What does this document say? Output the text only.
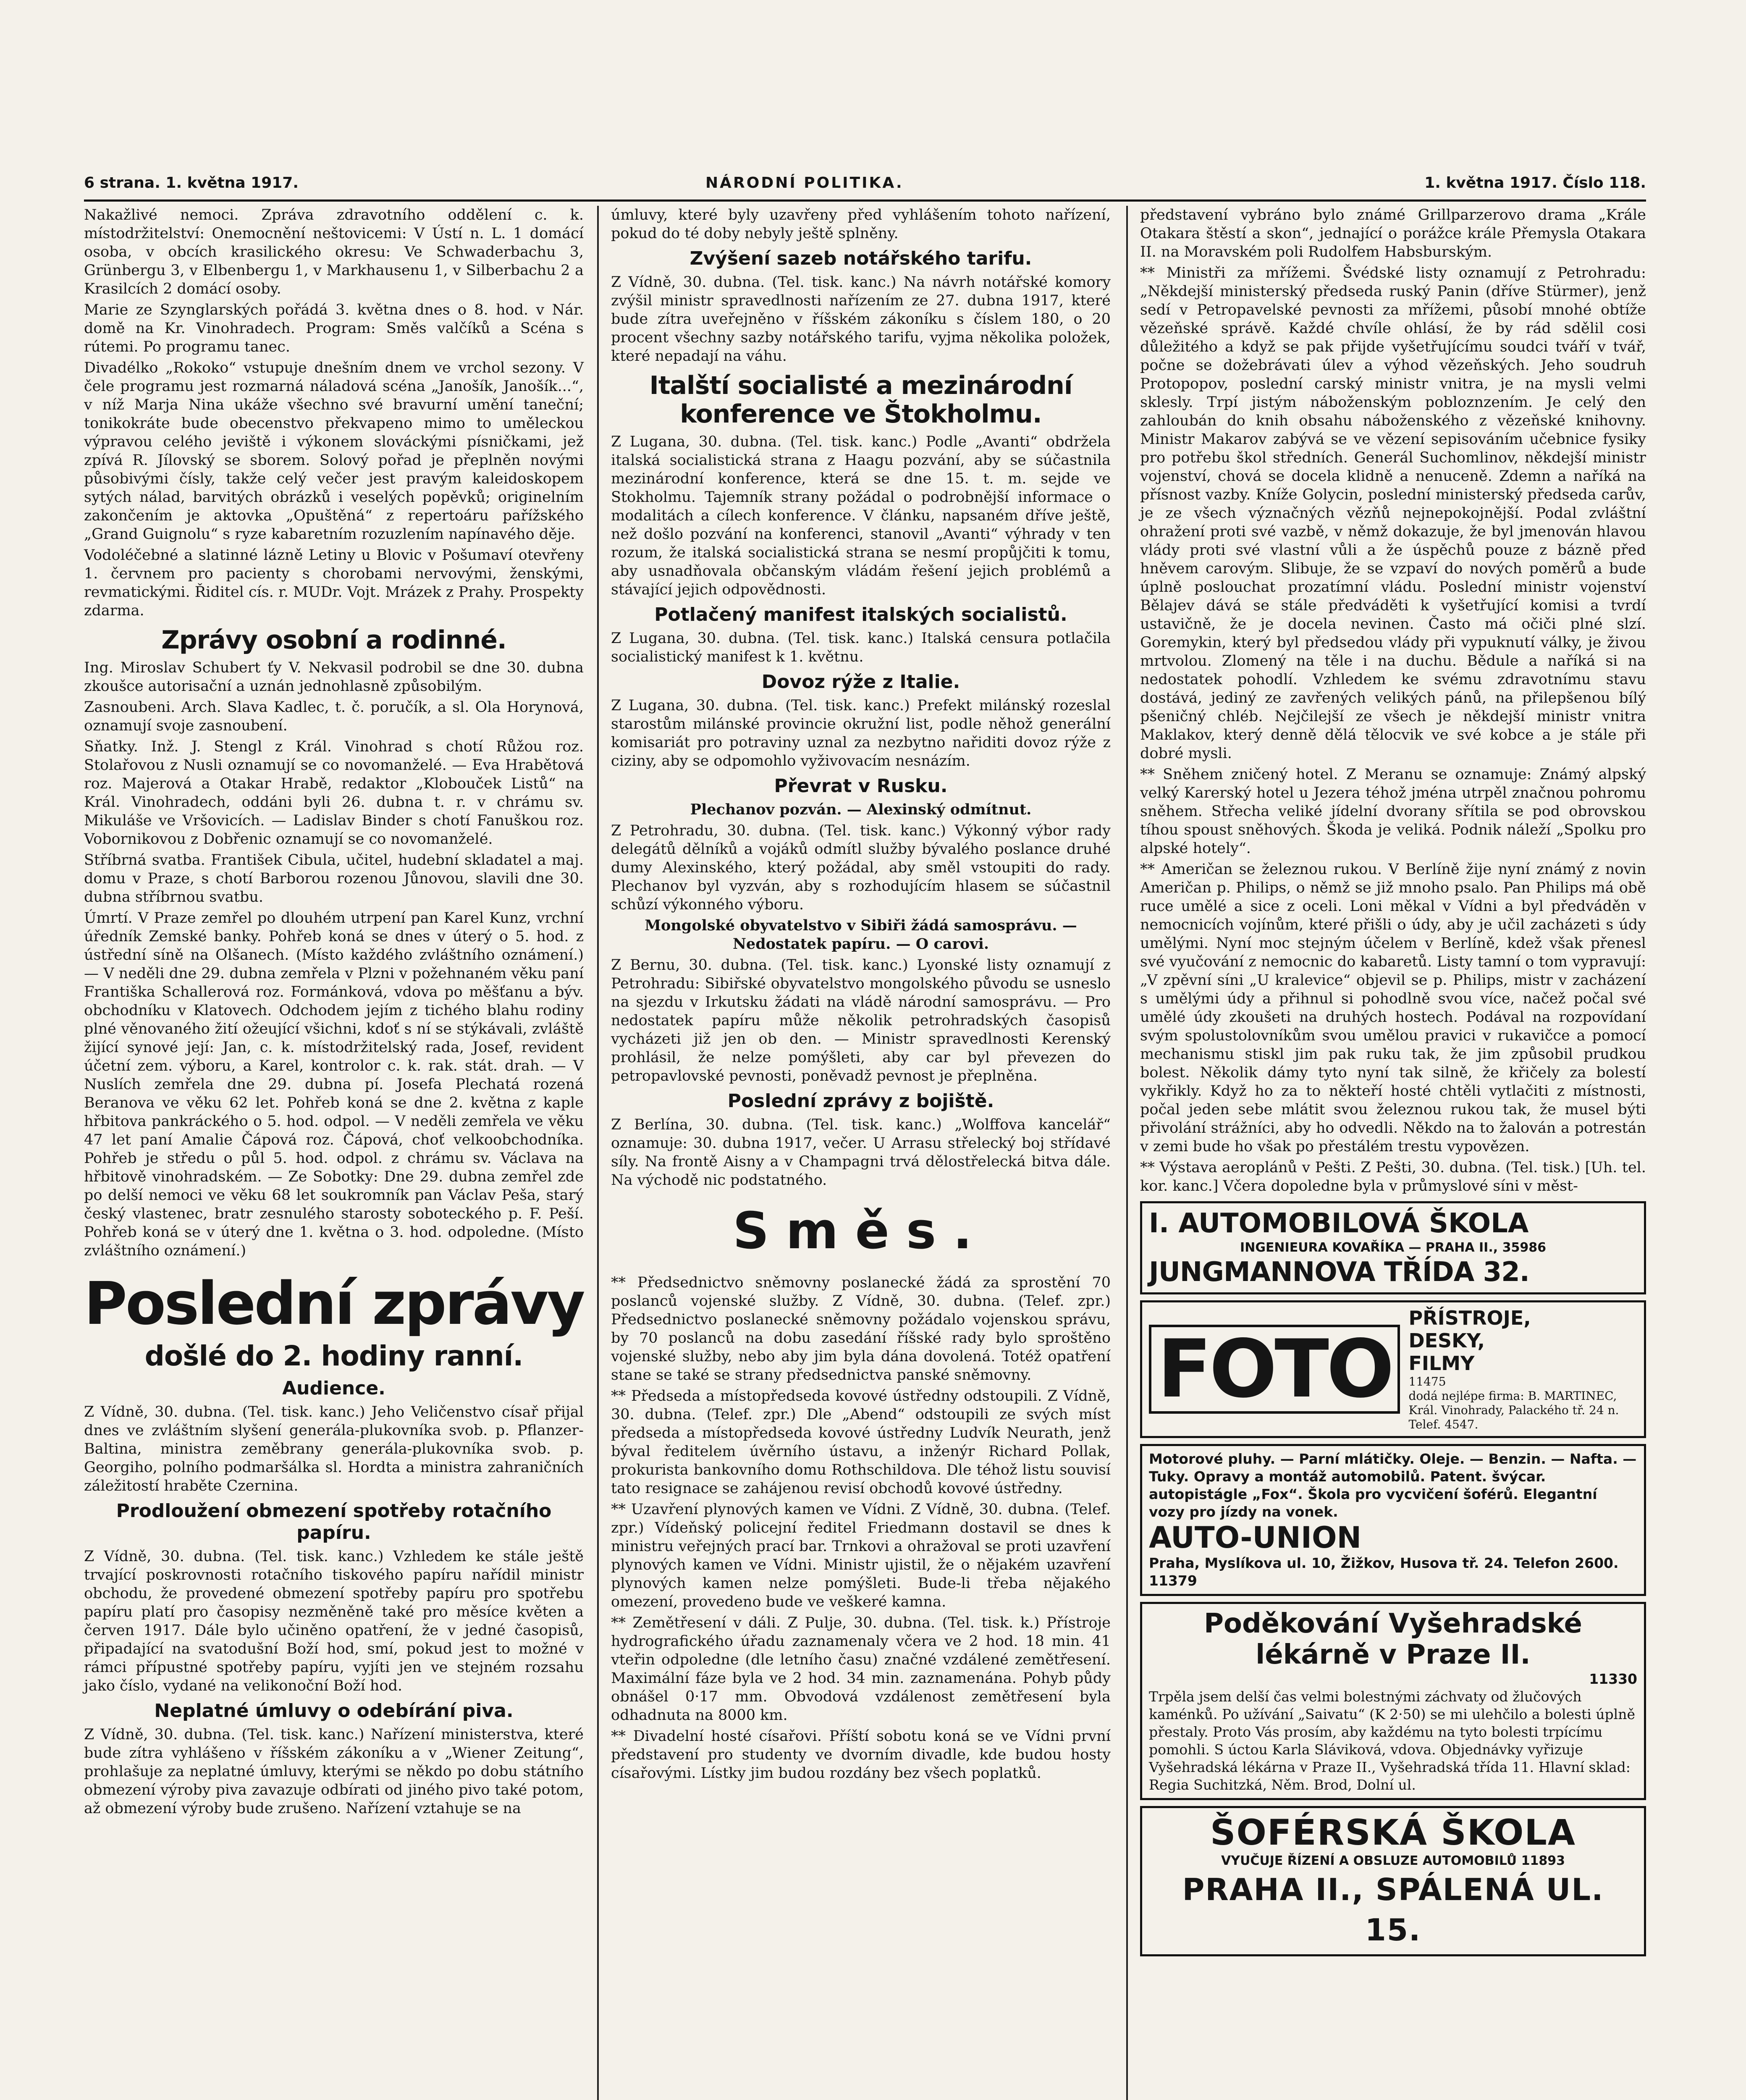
6 strana. 1. května 1917.	NÁRODNÍ POLITIKA.	1. května 1917. Číslo 118.

Nakažlivé nemoci. Zpráva zdravotního oddělení c. k. místodržitelství: Onemocnění neštovicemi: V Ústí n. L. 1 domácí osoba, v obcích krasilického okresu: Ve Schwaderbachu 3, Grünbergu 3, v Elbenbergu 1, v Markhausenu 1, v Silberbachu 2 a Krasilcích 2 domácí osoby.

Marie ze Szynglarských pořádá 3. května dnes o 8. hod. v Nár. domě na Kr. Vinohradech. Program: Směs valčíků a Scéna s rútemi. Po programu tanec.

Divadélko „Rokoko“ vstupuje dnešním dnem ve vrchol sezony. V čele programu jest rozmarná náladová scéna „Janošík, Janošík...“, v níž Marja Nina ukáže všechno své bravurní umění taneční; tonikokráte bude obecenstvo překvapeno mimo to uměleckou výpravou celého jeviště i výkonem slováckými písničkami, jež zpívá R. Jílovský se sborem. Solový pořad je přeplněn novými působivými čísly, takže celý večer jest pravým kaleidoskopem sytých nálad, barvitých obrázků i veselých popěvků; originelním zakončením je aktovka „Opuštěná“ z repertoáru pařížského „Grand Guignolu“ s ryze kabaretním rozuzlením napínavého děje.

Vodoléčebné a slatinné lázně Letiny u Blovic v Pošumaví otevřeny 1. červnem pro pacienty s chorobami nervovými, ženskými, revmatickými. Řiditel cís. r. MUDr. Vojt. Mrázek z Prahy. Prospekty zdarma.

Zprávy osobní a rodinné.

Ing. Miroslav Schubert ťy V. Nekvasil podrobil se dne 30. dubna zkoušce autorisační a uznán jednohlasně způsobilým.

Zasnoubeni. Arch. Slava Kadlec, t. č. poručík, a sl. Ola Horynová, oznamují svoje zasnoubení.

Sňatky. Inž. J. Stengl z Král. Vinohrad s chotí Růžou roz. Stolařovou z Nusli oznamují se co novomanželé. — Eva Hrabětová roz. Majerová a Otakar Hrabě, redaktor „Klobouček Listů“ na Král. Vinohradech, oddáni byli 26. dubna t. r. v chrámu sv. Mikuláše ve Vršovicích. — Ladislav Binder s chotí Fanuškou roz. Vobornikovou z Dobřenic oznamují se co novomanželé.

Stříbrná svatba. František Cibula, učitel, hudební skladatel a maj. domu v Praze, s chotí Barborou rozenou Jůnovou, slavili dne 30. dubna stříbrnou svatbu.

Úmrtí. V Praze zemřel po dlouhém utrpení pan Karel Kunz, vrchní úředník Zemské banky. Pohřeb koná se dnes v úterý o 5. hod. z ústřední síně na Olšanech. (Místo každého zvláštního oznámení.) — V neděli dne 29. dubna zemřela v Plzni v požehnaném věku paní Františka Schallerová roz. Formánková, vdova po měšťanu a býv. obchodníku v Klatovech. Odchodem jejím z tichého blahu rodiny plné věnovaného žití ožeující všichni, kdoť s ní se stýkávali, zvláště žijící synové její: Jan, c. k. místodržitelský rada, Josef, revident účetní zem. výboru, a Karel, kontrolor c. k. rak. stát. drah. — V Nuslích zemřela dne 29. dubna pí. Josefa Plechatá rozená Beranova ve věku 62 let. Pohřeb koná se dne 2. května z kaple hřbitova pankráckého o 5. hod. odpol. — V neděli zemřela ve věku 47 let paní Amalie Čápová roz. Čápová, choť velkoobchodníka. Pohřeb je středu o půl 5. hod. odpol. z chrámu sv. Václava na hřbitově vinohradském. — Ze Sobotky: Dne 29. dubna zemřel zde po delší nemoci ve věku 68 let soukromník pan Václav Peša, starý český vlastenec, bratr zesnulého starosty soboteckého p. F. Peší. Pohřeb koná se v úterý dne 1. května o 3. hod. odpoledne. (Místo zvláštního oznámení.)

Poslední zprávy
došlé do 2. hodiny ranní.
Audience.

Z Vídně, 30. dubna. (Tel. tisk. kanc.) Jeho Veličenstvo císař přijal dnes ve zvláštním slyšení generála-plukovníka svob. p. Pflanzer-Baltina, ministra zeměbrany generála-plukovníka svob. p. Georgiho, polního podmaršálka sl. Hordta a ministra zahraničních záležitostí hraběte Czernina.

Prodloužení obmezení spotřeby rotačního papíru.

Z Vídně, 30. dubna. (Tel. tisk. kanc.) Vzhledem ke stále ještě trvající poskrovnosti rotačního tiskového papíru nařídil ministr obchodu, že provedené obmezení spotřeby papíru pro spotřebu papíru platí pro časopisy nezměněně také pro měsíce květen a červen 1917. Dále bylo učiněno opatření, že v jedné časopisů, připadající na svatodušní Boží hod, smí, pokud jest to možné v rámci přípustné spotřeby papíru, vyjíti jen ve stejném rozsahu jako číslo, vydané na velikonoční Boží hod.

Neplatné úmluvy o odebírání piva.

Z Vídně, 30. dubna. (Tel. tisk. kanc.) Nařízení ministerstva, které bude zítra vyhlášeno v říšském zákoníku a v „Wiener Zeitung“, prohlašuje za neplatné úmluvy, kterými se někdo po dobu státního obmezení výroby piva zavazuje odbírati od jiného pivo také potom, až obmezení výroby bude zrušeno. Nařízení vztahuje se na

úmluvy, které byly uzavřeny před vyhlášením tohoto nařízení, pokud do té doby nebyly ještě splněny.

Zvýšení sazeb notářského tarifu.

Z Vídně, 30. dubna. (Tel. tisk. kanc.) Na návrh notářské komory zvýšil ministr spravedlnosti nařízením ze 27. dubna 1917, které bude zítra uveřejněno v říšském zákoníku s číslem 180, o 20 procent všechny sazby notářského tarifu, vyjma několika položek, které nepadají na váhu.

Italští socialisté a mezinárodní konference ve Štokholmu.

Z Lugana, 30. dubna. (Tel. tisk. kanc.) Podle „Avanti“ obdržela italská socialistická strana z Haagu pozvání, aby se súčastnila mezinárodní konference, která se dne 15. t. m. sejde ve Stokholmu. Tajemník strany požádal o podrobnější informace o modalitách a cílech konference. V článku, napsaném dříve ještě, než došlo pozvání na konferenci, stanovil „Avanti“ výhrady v ten rozum, že italská socialistická strana se nesmí propůjčiti k tomu, aby usnadňovala občanským vládám řešení jejich problémů a stávající jejich odpovědnosti.

Potlačený manifest italských socialistů.

Z Lugana, 30. dubna. (Tel. tisk. kanc.) Italská censura potlačila socialistický manifest k 1. květnu.

Dovoz rýže z Italie.

Z Lugana, 30. dubna. (Tel. tisk. kanc.) Prefekt milánský rozeslal starostům milánské provincie okružní list, podle něhož generální komisariát pro potraviny uznal za nezbytno nařiditi dovoz rýže z ciziny, aby se odpomohlo vyživovacím nesnázím.

Převrat v Rusku.

Plechanov pozván. — Alexinský odmítnut.

Z Petrohradu, 30. dubna. (Tel. tisk. kanc.) Výkonný výbor rady delegátů dělníků a vojáků odmítl služby bývalého poslance druhé dumy Alexinského, který požádal, aby směl vstoupiti do rady. Plechanov byl vyzván, aby s rozhodujícím hlasem se súčastnil schůzí výkonného výboru.

Mongolské obyvatelstvo v Sibiři žádá samosprávu. — Nedostatek papíru. — O carovi.

Z Bernu, 30. dubna. (Tel. tisk. kanc.) Lyonské listy oznamují z Petrohradu: Sibiřské obyvatelstvo mongolského původu se usneslo na sjezdu v Irkutsku žádati na vládě národní samosprávu. — Pro nedostatek papíru může několik petrohradských časopisů vycházeti již jen ob den. — Ministr spravedlnosti Kerenský prohlásil, že nelze pomýšleti, aby car byl převezen do petropavlovské pevnosti, poněvadž pevnost je přeplněna.

Poslední zprávy z bojiště.

Z Berlína, 30. dubna. (Tel. tisk. kanc.) „Wolffova kancelář“ oznamuje: 30. dubna 1917, večer. U Arrasu střelecký boj střídavé síly. Na frontě Aisny a v Champagni trvá dělostřelecká bitva dále. Na východě nic podstatného.

Směs.

** Předsednictvo sněmovny poslanecké žádá za sprostění 70 poslanců vojenské služby. Z Vídně, 30. dubna. (Telef. zpr.) Předsednictvo poslanecké sněmovny požádalo vojenskou správu, by 70 poslanců na dobu zasedání říšské rady bylo sproštěno vojenské služby, nebo aby jim byla dána dovolená. Totéž opatření stane se také se strany předsednictva panské sněmovny.

** Předseda a místopředseda kovové ústředny odstoupili. Z Vídně, 30. dubna. (Telef. zpr.) Dle „Abend“ odstoupili ze svých míst předseda a místopředseda kovové ústředny Ludvík Neurath, jenž býval ředitelem úvěrního ústavu, a inženýr Richard Pollak, prokurista bankovního domu Rothschildova. Dle téhož listu souvisí tato resignace se zahájenou revisí obchodů kovové ústředny.

** Uzavření plynových kamen ve Vídni. Z Vídně, 30. dubna. (Telef. zpr.) Vídeňský policejní ředitel Friedmann dostavil se dnes k ministru veřejných prací bar. Trnkovi a ohražoval se proti uzavření plynových kamen ve Vídni. Ministr ujistil, že o nějakém uzavření plynových kamen nelze pomýšleti. Bude-li třeba nějakého omezení, provedeno bude ve veškeré kamna.

** Zemětřesení v dáli. Z Pulje, 30. dubna. (Tel. tisk. k.) Přístroje hydrografického úřadu zaznamenaly včera ve 2 hod. 18 min. 41 vteřin odpoledne (dle letního času) značné vzdálené zemětřesení. Maximální fáze byla ve 2 hod. 34 min. zaznamenána. Pohyb půdy obnášel 0·17 mm. Obvodová vzdálenost zemětřesení byla odhadnuta na 8000 km.

** Divadelní hosté císařovi. Příští sobotu koná se ve Vídni první představení pro studenty ve dvorním divadle, kde budou hosty císařovými. Lístky jim budou rozdány bez všech poplatků.

představení vybráno bylo známé Grillparzerovo drama „Krále Otakara štěstí a skon“, jednající o porážce krále Přemysla Otakara II. na Moravském poli Rudolfem Habsburským.

** Ministři za mřížemi. Švédské listy oznamují z Petrohradu: „Někdejší ministerský předseda ruský Panin (dříve Stürmer), jenž sedí v Petropavelské pevnosti za mřížemi, působí mnohé obtíže vězeňské správě. Každé chvíle ohlásí, že by rád sdělil cosi důležitého a když se pak přijde vyšetřujícímu soudci tváří v tvář, počne se dožebrávati úlev a výhod vězeňských. Jeho soudruh Protopopov, poslední carský ministr vnitra, je na mysli velmi sklesly. Trpí jistým náboženským pobloznzením. Je celý den zahloubán do knih obsahu náboženského z vězeňské knihovny. Ministr Makarov zabývá se ve vězení sepisováním učebnice fysiky pro potřebu škol středních. Generál Suchomlinov, někdejší ministr vojenství, chová se docela klidně a nenuceně. Zdemn a naříká na přísnost vazby. Kníže Golycin, poslední ministerský předseda carův, je ze všech význačných vězňů nejnepokojnější. Podal zvláštní ohražení proti své vazbě, v němž dokazuje, že byl jmenován hlavou vlády proti své vlastní vůli a že úspěchů pouze z bázně před hněvem carovým. Slibuje, že se vzpaví do nových poměrů a bude úplně poslouchat prozatímní vládu. Poslední ministr vojenství Bělajev dává se stále předváděti k vyšetřující komisi a tvrdí ustavičně, že je docela nevinen. Často má očiči plné slzí. Goremykin, který byl předsedou vlády při vypuknutí války, je živou mrtvolou. Zlomený na těle i na duchu. Bědule a naříká si na nedostatek pohodlí. Vzhledem ke svému zdravotnímu stavu dostává, jediný ze zavřených velikých pánů, na přilepšenou bílý pšeničný chléb. Nejčilejší ze všech je někdejší ministr vnitra Maklakov, který denně dělá tělocvik ve své kobce a je stále při dobré mysli.

** Sněhem zničený hotel. Z Meranu se oznamuje: Známý alpský velký Karerský hotel u Jezera téhož jména utrpěl značnou pohromu sněhem. Střecha veliké jídelní dvorany sřítila se pod obrovskou tíhou spoust sněhových. Škoda je veliká. Podnik náleží „Spolku pro alpské hotely“.

** Američan se železnou rukou. V Berlíně žije nyní známý z novin Američan p. Philips, o němž se již mnoho psalo. Pan Philips má obě ruce umělé a sice z oceli. Loni měkal v Vídni a byl předváděn v nemocnicích vojínům, které přišli o údy, aby je učil zacházeti s údy umělými. Nyní moc stejným účelem v Berlíně, kdež však přenesl své vyučování z nemocnic do kabaretů. Listy tamní o tom vypravují: „V zpěvní síni „U kralevice“ objevil se p. Philips, mistr v zacházení s umělými údy a přihnul si pohodlně svou více, načež počal své umělé údy zkoušeti na druhých hostech. Podával na rozpovídaní svým spolustolovníkům svou umělou pravici v rukavičce a pomocí mechanismu stiskl jim pak ruku tak, že jim způsobil prudkou bolest. Několik dámy tyto nyní tak silně, že křičely za bolestí vykřikly. Když ho za to někteří hosté chtěli vytlačiti z místnosti, počal jeden sebe mlátit svou železnou rukou tak, že musel býti přivolání strážníci, aby ho odvedli. Někdo na to žalován a potrestán v zemi bude ho však po přestálém trestu vypovězen.

** Výstava aeroplánů v Pešti. Z Pešti, 30. dubna. (Tel. tisk.) [Uh. tel. kor. kanc.] Včera dopoledne byla v průmyslové síni v měst-

I. AUTOMOBILOVÁ ŠKOLA
INGENIEURA KOVAŘÍKA — PRAHA II., 35986
JUNGMANNOVA TŘÍDA 32.
FOTO
PŘÍSTROJE,
DESKY,
FILMY
11475
dodá nejlépe firma: B. MARTINEC, Král. Vinohrady, Palackého tř. 24 n. Telef. 4547.
Motorové pluhy. — Parní mlátičky. Oleje. — Benzin. — Nafta. — Tuky. Opravy a montáž automobilů. Patent. švýcar. autopistágle „Fox“. Škola pro vycvičení šoférů. Elegantní vozy pro jízdy na vonek.
AUTO-UNION
Praha, Myslíkova ul. 10, Žižkov, Husova tř. 24. Telefon 2600. 11379
Poděkování Vyšehradské lékárně v Praze II.
11330
Trpěla jsem delší čas velmi bolestnými záchvaty od žlučových kaménků. Po užívání „Saivatu“ (K 2·50) se mi ulehčilo a bolesti úplně přestaly. Proto Vás prosím, aby každému na tyto bolesti trpícímu pomohli. S úctou Karla Sláviková, vdova. Objednávky vyřizuje Vyšehradská lékárna v Praze II., Vyšehradská třída 11. Hlavní sklad: Regia Suchitzká, Něm. Brod, Dolní ul.
ŠOFÉRSKÁ ŠKOLA
VYUČUJE ŘÍZENÍ A OBSLUZE AUTOMOBILŮ 11893
PRAHA II., SPÁLENÁ UL. 15.
